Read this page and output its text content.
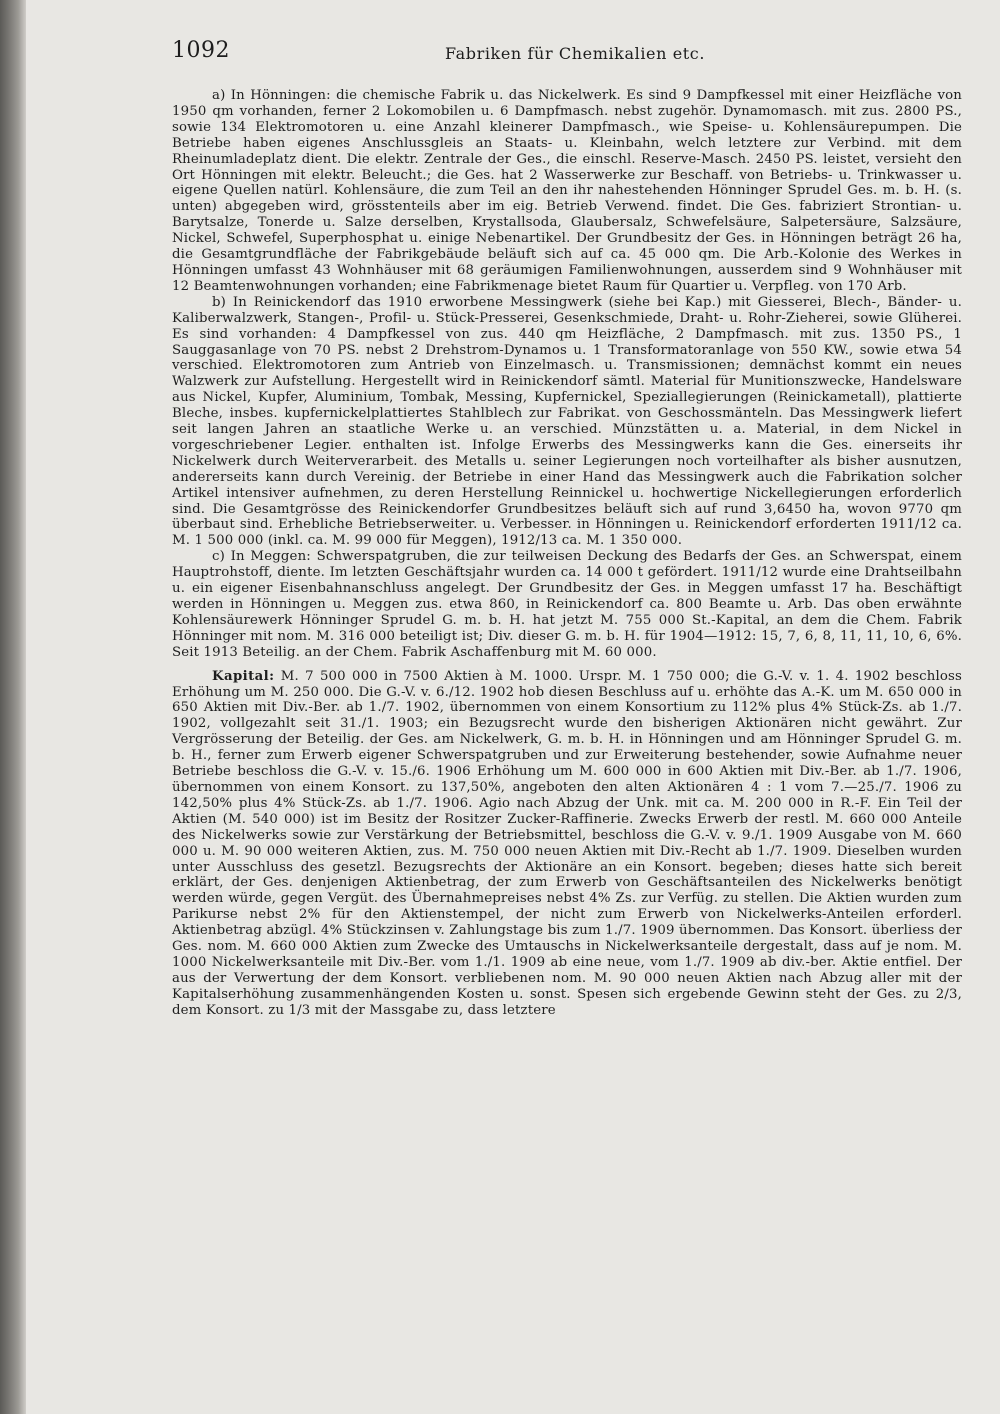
1092	Fabriken für Chemikalien etc.

a) In Hönningen: die chemische Fabrik u. das Nickelwerk. Es sind 9 Dampfkessel mit einer Heizfläche von 1950 qm vorhanden, ferner 2 Lokomobilen u. 6 Dampfmasch. nebst zugehör. Dynamomasch. mit zus. 2800 PS., sowie 134 Elektromotoren u. eine Anzahl kleinerer Dampfmasch., wie Speise- u. Kohlensäurepumpen. Die Betriebe haben eigenes Anschlussgleis an Staats- u. Kleinbahn, welch letztere zur Verbind. mit dem Rheinumladeplatz dient. Die elektr. Zentrale der Ges., die einschl. Reserve-Masch. 2450 PS. leistet, versieht den Ort Hönningen mit elektr. Beleucht.; die Ges. hat 2 Wasserwerke zur Beschaff. von Betriebs- u. Trinkwasser u. eigene Quellen natürl. Kohlensäure, die zum Teil an den ihr nahestehenden Hönninger Sprudel Ges. m. b. H. (s. unten) abgegeben wird, grösstenteils aber im eig. Betrieb Verwend. findet. Die Ges. fabriziert Strontian- u. Barytsalze, Tonerde u. Salze derselben, Krystallsoda, Glaubersalz, Schwefelsäure, Salpetersäure, Salzsäure, Nickel, Schwefel, Superphosphat u. einige Nebenartikel. Der Grundbesitz der Ges. in Hönningen beträgt 26 ha, die Gesamtgrundfläche der Fabrikgebäude beläuft sich auf ca. 45 000 qm. Die Arb.-Kolonie des Werkes in Hönningen umfasst 43 Wohnhäuser mit 68 geräumigen Familienwohnungen, ausserdem sind 9 Wohnhäuser mit 12 Beamtenwohnungen vorhanden; eine Fabrikmenage bietet Raum für Quartier u. Verpfleg. von 170 Arb.

b) In Reinickendorf das 1910 erworbene Messingwerk (siehe bei Kap.) mit Giesserei, Blech-, Bänder- u. Kaliberwalzwerk, Stangen-, Profil- u. Stück-Presserei, Gesenkschmiede, Draht- u. Rohr-Zieherei, sowie Glüherei. Es sind vorhanden: 4 Dampfkessel von zus. 440 qm Heizfläche, 2 Dampfmasch. mit zus. 1350 PS., 1 Sauggasanlage von 70 PS. nebst 2 Drehstrom-Dynamos u. 1 Transformatoranlage von 550 KW., sowie etwa 54 verschied. Elektromotoren zum Antrieb von Einzelmasch. u. Transmissionen; demnächst kommt ein neues Walzwerk zur Aufstellung. Hergestellt wird in Reinickendorf sämtl. Material für Munitionszwecke, Handelsware aus Nickel, Kupfer, Aluminium, Tombak, Messing, Kupfernickel, Speziallegierungen (Reinickametall), plattierte Bleche, insbes. kupfernickelplattiertes Stahlblech zur Fabrikat. von Geschossmänteln. Das Messingwerk liefert seit langen Jahren an staatliche Werke u. an verschied. Münzstätten u. a. Material, in dem Nickel in vorgeschriebener Legier. enthalten ist. Infolge Erwerbs des Messingwerks kann die Ges. einerseits ihr Nickelwerk durch Weiterverarbeit. des Metalls u. seiner Legierungen noch vorteilhafter als bisher ausnutzen, andererseits kann durch Vereinig. der Betriebe in einer Hand das Messingwerk auch die Fabrikation solcher Artikel intensiver aufnehmen, zu deren Herstellung Reinnickel u. hochwertige Nickellegierungen erforderlich sind. Die Gesamtgrösse des Reinickendorfer Grundbesitzes beläuft sich auf rund 3,6450 ha, wovon 9770 qm überbaut sind. Erhebliche Betriebserweiter. u. Verbesser. in Hönningen u. Reinickendorf erforderten 1911/12 ca. M. 1 500 000 (inkl. ca. M. 99 000 für Meggen), 1912/13 ca. M. 1 350 000.

c) In Meggen: Schwerspatgruben, die zur teilweisen Deckung des Bedarfs der Ges. an Schwerspat, einem Hauptrohstoff, diente. Im letzten Geschäftsjahr wurden ca. 14 000 t gefördert. 1911/12 wurde eine Drahtseilbahn u. ein eigener Eisenbahnanschluss angelegt. Der Grundbesitz der Ges. in Meggen umfasst 17 ha. Beschäftigt werden in Hönningen u. Meggen zus. etwa 860, in Reinickendorf ca. 800 Beamte u. Arb. Das oben erwähnte Kohlensäurewerk Hönninger Sprudel G. m. b. H. hat jetzt M. 755 000 St.-Kapital, an dem die Chem. Fabrik Hönninger mit nom. M. 316 000 beteiligt ist; Div. dieser G. m. b. H. für 1904—1912: 15, 7, 6, 8, 11, 11, 10, 6, 6%. Seit 1913 Beteilig. an der Chem. Fabrik Aschaffenburg mit M. 60 000.

Kapital: M. 7 500 000 in 7500 Aktien à M. 1000. Urspr. M. 1 750 000; die G.-V. v. 1. 4. 1902 beschloss Erhöhung um M. 250 000. Die G.-V. v. 6./12. 1902 hob diesen Beschluss auf u. erhöhte das A.-K. um M. 650 000 in 650 Aktien mit Div.-Ber. ab 1./7. 1902, übernommen von einem Konsortium zu 112% plus 4% Stück-Zs. ab 1./7. 1902, vollgezahlt seit 31./1. 1903; ein Bezugsrecht wurde den bisherigen Aktionären nicht gewährt. Zur Vergrösserung der Beteilig. der Ges. am Nickelwerk, G. m. b. H. in Hönningen und am Hönninger Sprudel G. m. b. H., ferner zum Erwerb eigener Schwerspatgruben und zur Erweiterung bestehender, sowie Aufnahme neuer Betriebe beschloss die G.-V. v. 15./6. 1906 Erhöhung um M. 600 000 in 600 Aktien mit Div.-Ber. ab 1./7. 1906, übernommen von einem Konsort. zu 137,50%, angeboten den alten Aktionären 4 : 1 vom 7.—25./7. 1906 zu 142,50% plus 4% Stück-Zs. ab 1./7. 1906. Agio nach Abzug der Unk. mit ca. M. 200 000 in R.-F. Ein Teil der Aktien (M. 540 000) ist im Besitz der Rositzer Zucker-Raffinerie. Zwecks Erwerb der restl. M. 660 000 Anteile des Nickelwerks sowie zur Verstärkung der Betriebsmittel, beschloss die G.-V. v. 9./1. 1909 Ausgabe von M. 660 000 u. M. 90 000 weiteren Aktien, zus. M. 750 000 neuen Aktien mit Div.-Recht ab 1./7. 1909. Dieselben wurden unter Ausschluss des gesetzl. Bezugsrechts der Aktionäre an ein Konsort. begeben; dieses hatte sich bereit erklärt, der Ges. denjenigen Aktienbetrag, der zum Erwerb von Geschäftsanteilen des Nickelwerks benötigt werden würde, gegen Vergüt. des Übernahmepreises nebst 4% Zs. zur Verfüg. zu stellen. Die Aktien wurden zum Parikurse nebst 2% für den Aktienstempel, der nicht zum Erwerb von Nickelwerks-Anteilen erforderl. Aktienbetrag abzügl. 4% Stückzinsen v. Zahlungstage bis zum 1./7. 1909 übernommen. Das Konsort. überliess der Ges. nom. M. 660 000 Aktien zum Zwecke des Umtauschs in Nickelwerksanteile dergestalt, dass auf je nom. M. 1000 Nickelwerksanteile mit Div.-Ber. vom 1./1. 1909 ab eine neue, vom 1./7. 1909 ab div.-ber. Aktie entfiel. Der aus der Verwertung der dem Konsort. verbliebenen nom. M. 90 000 neuen Aktien nach Abzug aller mit der Kapitalserhöhung zusammenhängenden Kosten u. sonst. Spesen sich ergebende Gewinn steht der Ges. zu 2/3, dem Konsort. zu 1/3 mit der Massgabe zu, dass letztere
